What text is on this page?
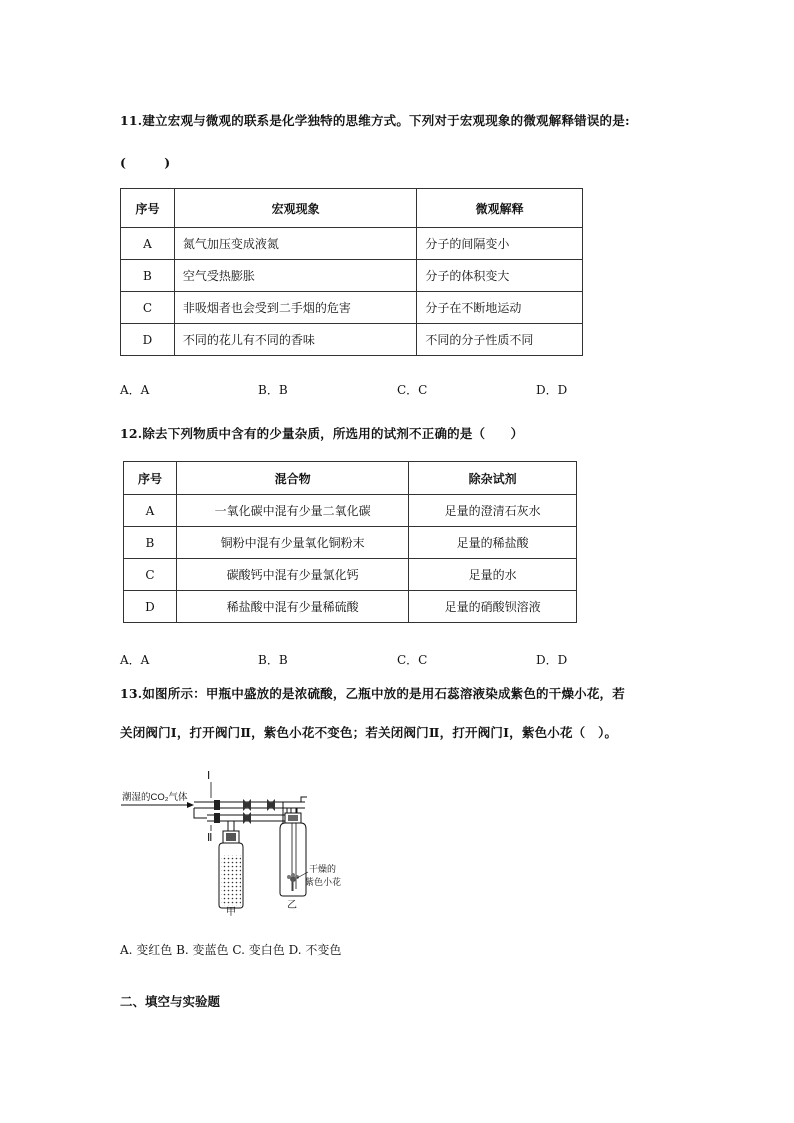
11.建立宏观与微观的联系是化学独特的思维方式。下列对于宏观现象的微观解释错误的是:
(　　　)
序号	宏观现象	微观解释
A	氮气加压变成液氮	分子的间隔变小
B	空气受热膨胀	分子的体积变大
C	非吸烟者也会受到二手烟的危害	分子在不断地运动
D	不同的花儿有不同的香味	不同的分子性质不同
A．A	B．B	C．C	D．D
12.除去下列物质中含有的少量杂质，所选用的试剂不正确的是（　　）
序号	混合物	除杂试剂
A	一氧化碳中混有少量二氧化碳	足量的澄清石灰水
B	铜粉中混有少量氧化铜粉末	足量的稀盐酸
C	碳酸钙中混有少量氯化钙	足量的水
D	稀盐酸中混有少量稀硫酸	足量的硝酸钡溶液
A．A	B．B	C．C	D．D
13.如图所示：甲瓶中盛放的是浓硫酸，乙瓶中放的是用石蕊溶液染成紫色的干燥小花，若
关闭阀门Ⅰ，打开阀门Ⅱ，紫色小花不变色；若关闭阀门Ⅱ，打开阀门Ⅰ，紫色小花（　）。
潮湿的CO₂气体
Ⅰ
Ⅱ
甲
干燥的
紫色小花
乙
A. 变红色 B. 变蓝色 C. 变白色 D. 不变色
二、填空与实验题
